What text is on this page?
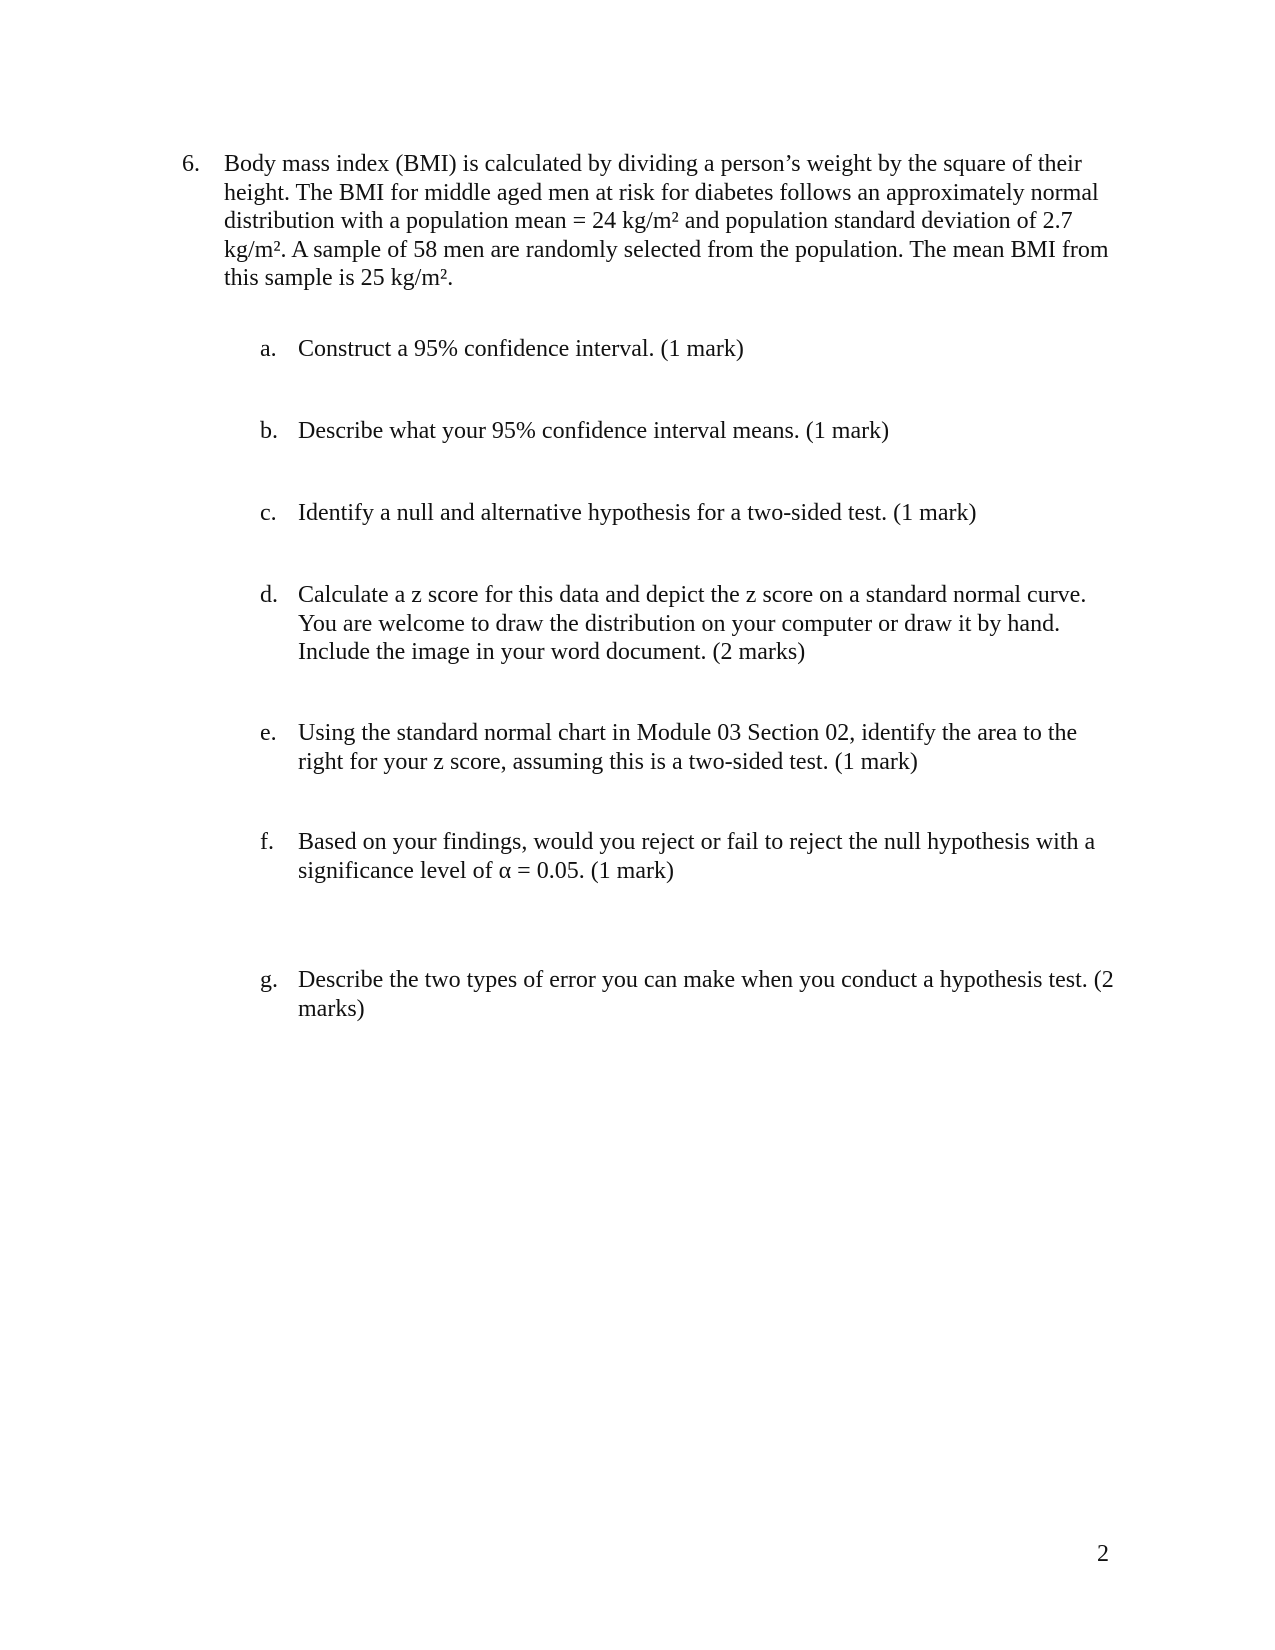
6.	Body mass index (BMI) is calculated by dividing a person’s weight by the square of their height. The BMI for middle aged men at risk for diabetes follows an approximately normal distribution with a population mean = 24 kg/m² and population standard deviation of 2.7 kg/m². A sample of 58 men are randomly selected from the population. The mean BMI from this sample is 25 kg/m².
a. Construct a 95% confidence interval. (1 mark)
b. Describe what your 95% confidence interval means. (1 mark)
c. Identify a null and alternative hypothesis for a two-sided test. (1 mark)
d. Calculate a z score for this data and depict the z score on a standard normal curve. You are welcome to draw the distribution on your computer or draw it by hand. Include the image in your word document. (2 marks)
e. Using the standard normal chart in Module 03 Section 02, identify the area to the right for your z score, assuming this is a two-sided test. (1 mark)
f.	Based on your findings, would you reject or fail to reject the null hypothesis with a significance level of α = 0.05. (1 mark)
g. Describe the two types of error you can make when you conduct a hypothesis test. (2 marks)
2
